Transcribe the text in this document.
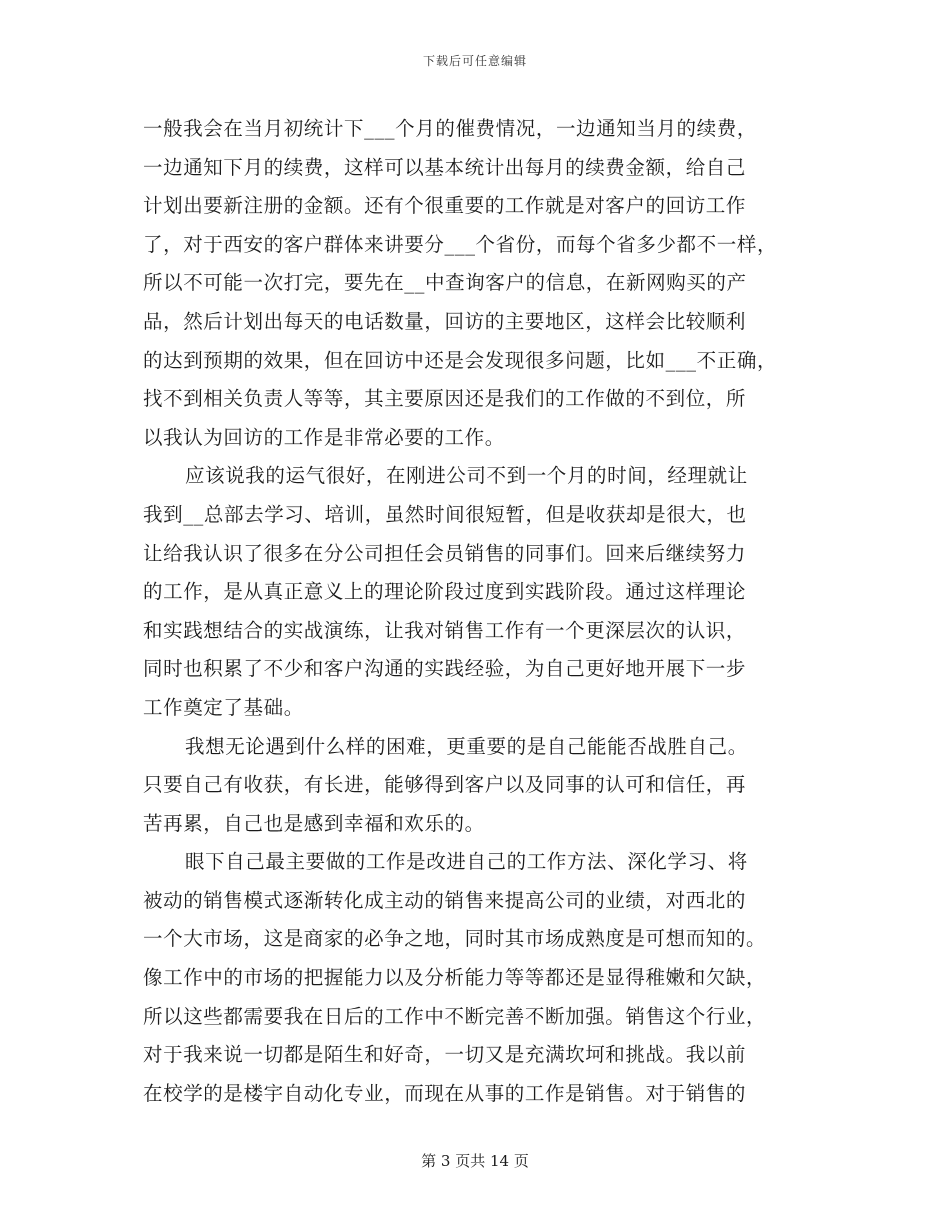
下载后可任意编辑
一般我会在当月初统计下___个月的催费情况，一边通知当月的续费，
一边通知下月的续费，这样可以基本统计出每月的续费金额，给自己
计划出要新注册的金额。还有个很重要的工作就是对客户的回访工作
了，对于西安的客户群体来讲要分___个省份，而每个省多少都不一样，
所以不可能一次打完，要先在__中查询客户的信息，在新网购买的产
品，然后计划出每天的电话数量，回访的主要地区，这样会比较顺利
的达到预期的效果，但在回访中还是会发现很多问题，比如___不正确，
找不到相关负责人等等，其主要原因还是我们的工作做的不到位，所
以我认为回访的工作是非常必要的工作。
应该说我的运气很好，在刚进公司不到一个月的时间，经理就让
我到__总部去学习、培训，虽然时间很短暂，但是收获却是很大，也
让给我认识了很多在分公司担任会员销售的同事们。回来后继续努力
的工作，是从真正意义上的理论阶段过度到实践阶段。通过这样理论
和实践想结合的实战演练，让我对销售工作有一个更深层次的认识，
同时也积累了不少和客户沟通的实践经验，为自己更好地开展下一步
工作奠定了基础。
我想无论遇到什么样的困难，更重要的是自己能能否战胜自己。
只要自己有收获，有长进，能够得到客户以及同事的认可和信任，再
苦再累，自己也是感到幸福和欢乐的。
眼下自己最主要做的工作是改进自己的工作方法、深化学习、将
被动的销售模式逐渐转化成主动的销售来提高公司的业绩，对西北的
一个大市场，这是商家的必争之地，同时其市场成熟度是可想而知的。
像工作中的市场的把握能力以及分析能力等等都还是显得稚嫩和欠缺，
所以这些都需要我在日后的工作中不断完善不断加强。销售这个行业，
对于我来说一切都是陌生和好奇，一切又是充满坎坷和挑战。我以前
在校学的是楼宇自动化专业，而现在从事的工作是销售。对于销售的
第 3 页共 14 页
